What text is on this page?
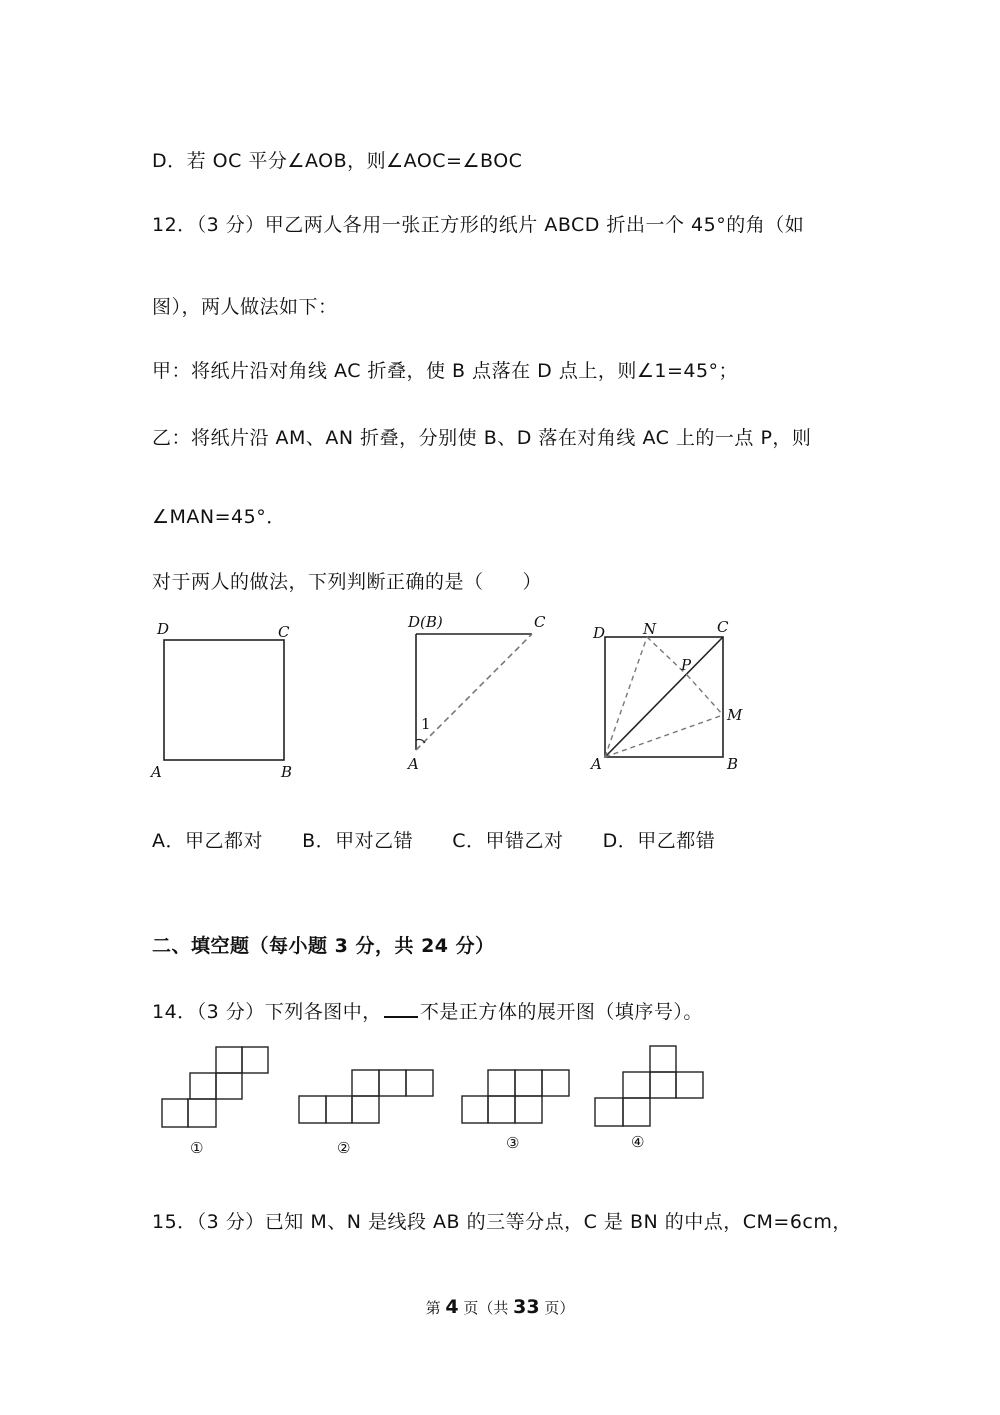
D．若 OC 平分∠AOB，则∠AOC=∠BOC
12．（3 分）甲乙两人各用一张正方形的纸片 ABCD 折出一个 45°的角（如
图），两人做法如下：
甲：将纸片沿对角线 AC 折叠，使 B 点落在 D 点上，则∠1=45°；
乙：将纸片沿 AM、AN 折叠，分别使 B、D 落在对角线 AC 上的一点 P，则
∠MAN=45°．
对于两人的做法，下列判断正确的是（　　）
D	C
A	B
D(B)	C
A
1
D	N	C
P
M
A	B
A．甲乙都对 B．甲对乙错 C．甲错乙对 D．甲乙都错
二、填空题（每小题 3 分，共 24 分）
14．（3 分）下列各图中， 不是正方体的展开图（填序号）。
①	②	③	④
15．（3 分）已知 M、N 是线段 AB 的三等分点，C 是 BN 的中点，CM=6cm，
第 4 页（共 33 页）
